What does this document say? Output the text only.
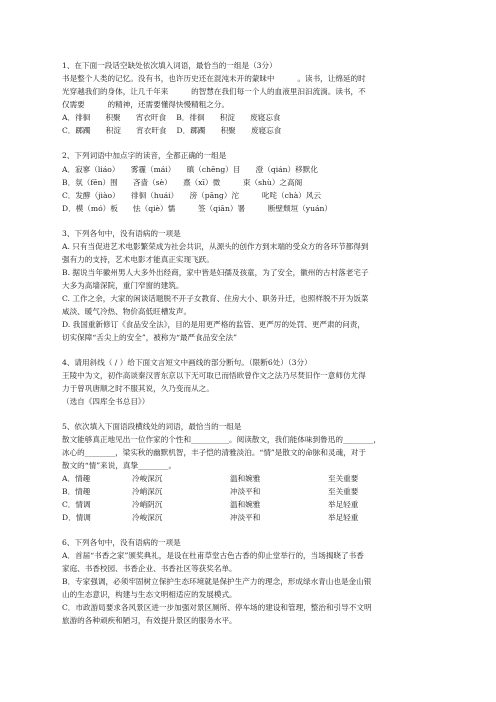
1、在下面一段话空缺处依次填入词语，最恰当的一组是（3分）
书是整个人类的记忆。没有书，也许历史还在混沌未开的蒙昧中　　　。读书，让绵延的时
光穿越我们的身体，让几千年来　　　的智慧在我们每一个人的血液里汩汩流淌。读书，不
仅需要　　　的精神，还需要懂得快慢精粗之分。
A．徘徊　　积聚　　宵衣旰食　 B．徘徊　　积淀　　废寝忘食
C．踯躅　　积淀　　宵衣旰食　 D．踯躅　　积聚　　废寝忘食
2、下列词语中加点字的读音，全都正确的一组是
A．寂寥（liáo）　　雾霾（mái）　　瞋（chēng）目　　澄（qián）移默化
B．氛（fēn）围　　吝啬（sè）　　熹（xī）微　　　束（shù）之高阁
C．发酵（jiào）　　徘徊（huái）　　滂（pāng）沱　　　叱咤（chà）风云
D．模（mó）板　　怯（qiè）懦　　　签（qiān）署　　　断壁颓垣（yuán）
3、下列各句中，没有语病的一项是
A. 只有当促进艺术电影繁荣成为社会共识，从源头的创作方到末端的受众方的各环节都得到
强有力的支持，艺术电影才能真正实现飞跃。
B. 据说当年徽州男人大多外出经商，家中皆是妇孺及孩童，为了安全，徽州的古村落老宅子
大多为高墙深院，重门窄窗的建筑。
C. 工作之余，大家的闲谈话题脱不开子女教育、住房大小、职务升迁，也照样脱不开为饭菜
咸淡、暖气冷热、物价高低旺槽发声。
D. 我国重新修订《食品安全法》，目的是用更严格的监管、更严厉的处罚、更严肃的问责，
切实保障“舌尖上的安全”，被称为“最严食品安全法”
4、请用斜线（ / ）给下面文言短文中画线的部分断句。（限断6处）（3分）
王陵中为文，初作高谈秦汉晋东京以下无可取已而悟欧曾作文之法乃尽焚旧作一意师仿尤得
力于曾巩唐顺之时不服其说，久乃变而从之。
（选自《四库全书总目》）
5、依次填入下面语段横线处的词语，最恰当的一组是
散文能够真正地见出一位作家的个性和__________。阅读散文，我们能体味到鲁迅的________，
冰心的________，梁实秋的幽默机智，丰子恺的清雅淡泊。“情”是散文的命脉和灵魂，对于
散文的“情”来说，真挚________。
A．情趣	冷峻深沉	温和婉雅	至关重要
B．情趣	冷峭深沉	冲淡平和	至关重要
C．情调	冷峭阴沉	温和婉雅	举足轻重
D．情调	冷峻深沉	冲淡平和	举足轻重
6、下列各句中，没有语病的一项是
A．首届“书香之家”颁奖典礼，是设在杜甫草堂古色古香的仰止堂举行的，当场揭晓了书香
家庭、书香校园、书香企业、书香社区等获奖名单。
B．专家强调，必须牢固树立保护生态环境就是保护生产力的理念，形成绿水青山也是金山银
山的生态意识，构建与生态文明相适应的发展模式。
C．市政游局要求各风景区进一步加强对景区厕所、停车场的建设和管理，整治和引导不文明
旅游的各种顽疾和陋习，有效提升景区的服务水平。
